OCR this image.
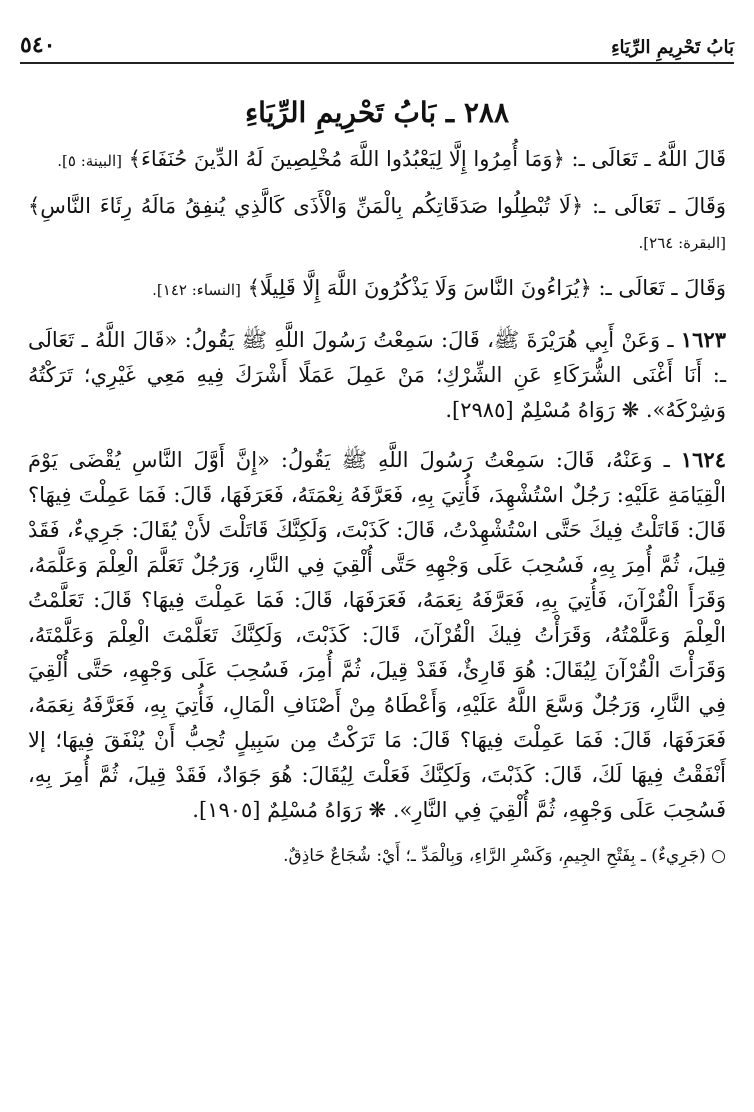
بَابُ تَحْرِيمِ الرِّيَاءِ
٥٤٠
٢٨٨ ـ بَابُ تَحْرِيمِ الرِّيَاءِ

قَالَ اللَّهُ ـ تَعَالَى ـ: ﴿وَمَا أُمِرُوا إِلَّا لِيَعْبُدُوا اللَّهَ مُخْلِصِينَ لَهُ الدِّينَ حُنَفَاءَ﴾ [البينة: ٥].

وَقَالَ ـ تَعَالَى ـ: ﴿لَا تُبْطِلُوا صَدَقَاتِكُم بِالْمَنِّ وَالْأَذَى كَالَّذِي يُنفِقُ مَالَهُ رِئَاءَ النَّاسِ﴾ [البقرة: ٢٦٤].

وَقَالَ ـ تَعَالَى ـ: ﴿يُرَاءُونَ النَّاسَ وَلَا يَذْكُرُونَ اللَّهَ إِلَّا قَلِيلًا﴾ [النساء: ١٤٢].

١٦٢٣ ـ وَعَنْ أَبِي هُرَيْرَةَ ﷺ، قَالَ: سَمِعْتُ رَسُولَ اللَّهِ ﷺ يَقُولُ: «قَالَ اللَّهُ ـ تَعَالَى ـ: أَنَا أَغْنَى الشُّرَكَاءِ عَنِ الشِّرْكِ؛ مَنْ عَمِلَ عَمَلًا أَشْرَكَ فِيهِ مَعِي غَيْرِي؛ تَرَكْتُهُ وَشِرْكَهُ». ❋ رَوَاهُ مُسْلِمٌ [٢٩٨٥].

١٦٢٤ ـ وَعَنْهُ، قَالَ: سَمِعْتُ رَسُولَ اللَّهِ ﷺ يَقُولُ: «إِنَّ أَوَّلَ النَّاسِ يُقْضَى يَوْمَ الْقِيَامَةِ عَلَيْهِ: رَجُلٌ اسْتُشْهِدَ، فَأُتِيَ بِهِ، فَعَرَّفَهُ نِعْمَتَهُ، فَعَرَفَهَا، قَالَ: فَمَا عَمِلْتَ فِيهَا؟ قَالَ: قَاتَلْتُ فِيكَ حَتَّى اسْتُشْهِدْتُ، قَالَ: كَذَبْتَ، وَلَكِنَّكَ قَاتَلْتَ لأَنْ يُقَالَ: جَرِيءٌ، فَقَدْ قِيلَ، ثُمَّ أُمِرَ بِهِ، فَسُحِبَ عَلَى وَجْهِهِ حَتَّى أُلْقِيَ فِي النَّارِ، وَرَجُلٌ تَعَلَّمَ الْعِلْمَ وَعَلَّمَهُ، وَقَرَأَ الْقُرْآنَ، فَأُتِيَ بِهِ، فَعَرَّفَهُ نِعَمَهُ، فَعَرَفَهَا، قَالَ: فَمَا عَمِلْتَ فِيهَا؟ قَالَ: تَعَلَّمْتُ الْعِلْمَ وَعَلَّمْتُهُ، وَقَرَأْتُ فِيكَ الْقُرْآنَ، قَالَ: كَذَبْتَ، وَلَكِنَّكَ تَعَلَّمْتَ الْعِلْمَ وَعَلَّمْتَهُ، وَقَرَأْتَ الْقُرْآنَ لِيُقَالَ: هُوَ قَارِئٌ، فَقَدْ قِيلَ، ثُمَّ أُمِرَ، فَسُحِبَ عَلَى وَجْهِهِ، حَتَّى أُلْقِيَ فِي النَّارِ، وَرَجُلٌ وَسَّعَ اللَّهُ عَلَيْهِ، وَأَعْطَاهُ مِنْ أَصْنَافِ الْمَالِ، فَأُتِيَ بِهِ، فَعَرَّفَهُ نِعَمَهُ، فَعَرَفَهَا، قَالَ: فَمَا عَمِلْتَ فِيهَا؟ قَالَ: مَا تَرَكْتُ مِن سَبِيلٍ تُحِبُّ أَنْ يُنْفَقَ فِيهَا؛ إلا أَنْفَقْتُ فِيهَا لَكَ، قَالَ: كَذَبْتَ، وَلَكِنَّكَ فَعَلْتَ لِيُقَالَ: هُوَ جَوَادٌ، فَقَدْ قِيلَ، ثُمَّ أُمِرَ بِهِ، فَسُحِبَ عَلَى وَجْهِهِ، ثُمَّ أُلْقِيَ فِي النَّارِ». ❋ رَوَاهُ مُسْلِمٌ [١٩٠٥].

○ (جَرِيءٌ) ـ بِفَتْحِ الجِيمِ، وَكَسْرِ الرَّاءِ، وَبِالْمَدِّ ـ؛ أَيْ: شُجَاعٌ حَاذِقٌ.
